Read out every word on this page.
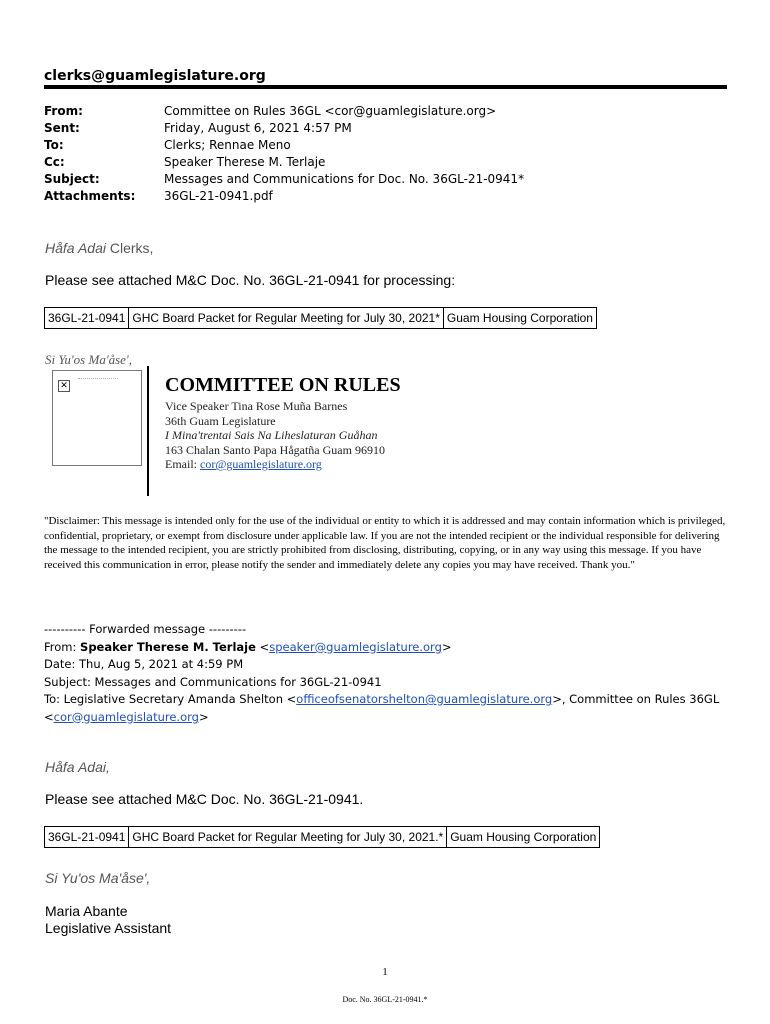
clerks@guamlegislature.org
From:	Committee on Rules 36GL <cor@guamlegislature.org>
Sent:	Friday, August 6, 2021 4:57 PM
To:	Clerks; Rennae Meno
Cc:	Speaker Therese M. Terlaje
Subject:	Messages and Communications for Doc. No. 36GL-21-0941*
Attachments:	36GL-21-0941.pdf
Håfa Adai Clerks,
Please see attached M&C Doc. No. 36GL-21-0941 for processing:
36GL-21-0941	GHC Board Packet for Regular Meeting for July 30, 2021*	Guam Housing Corporation
Si Yu'os Ma'åse',
✕	COMMITTEE ON RULES
Vice Speaker Tina Rose Muña Barnes
36th Guam Legislature
I Mina'trentai Sais Na Liheslaturan Guåhan
163 Chalan Santo Papa Hågatña Guam 96910
Email: cor@guamlegislature.org
"Disclaimer: This message is intended only for the use of the individual or entity to which it is addressed and may contain information which is privileged, confidential, proprietary, or exempt from disclosure under applicable law. If you are not the intended recipient or the individual responsible for delivering the message to the intended recipient, you are strictly prohibited from disclosing, distributing, copying, or in any way using this message. If you have received this communication in error, please notify the sender and immediately delete any copies you may have received. Thank you."
---------- Forwarded message ---------
From: Speaker Therese M. Terlaje <speaker@guamlegislature.org>
Date: Thu, Aug 5, 2021 at 4:59 PM
Subject: Messages and Communications for 36GL-21-0941
To: Legislative Secretary Amanda Shelton <officeofsenatorshelton@guamlegislature.org>, Committee on Rules 36GL
<cor@guamlegislature.org>
Håfa Adai,
Please see attached M&C Doc. No. 36GL-21-0941.
36GL-21-0941	GHC Board Packet for Regular Meeting for July 30, 2021.*	Guam Housing Corporation
Si Yu'os Ma'åse',
Maria Abante
Legislative Assistant
1
Doc. No. 36GL-21-0941.*
